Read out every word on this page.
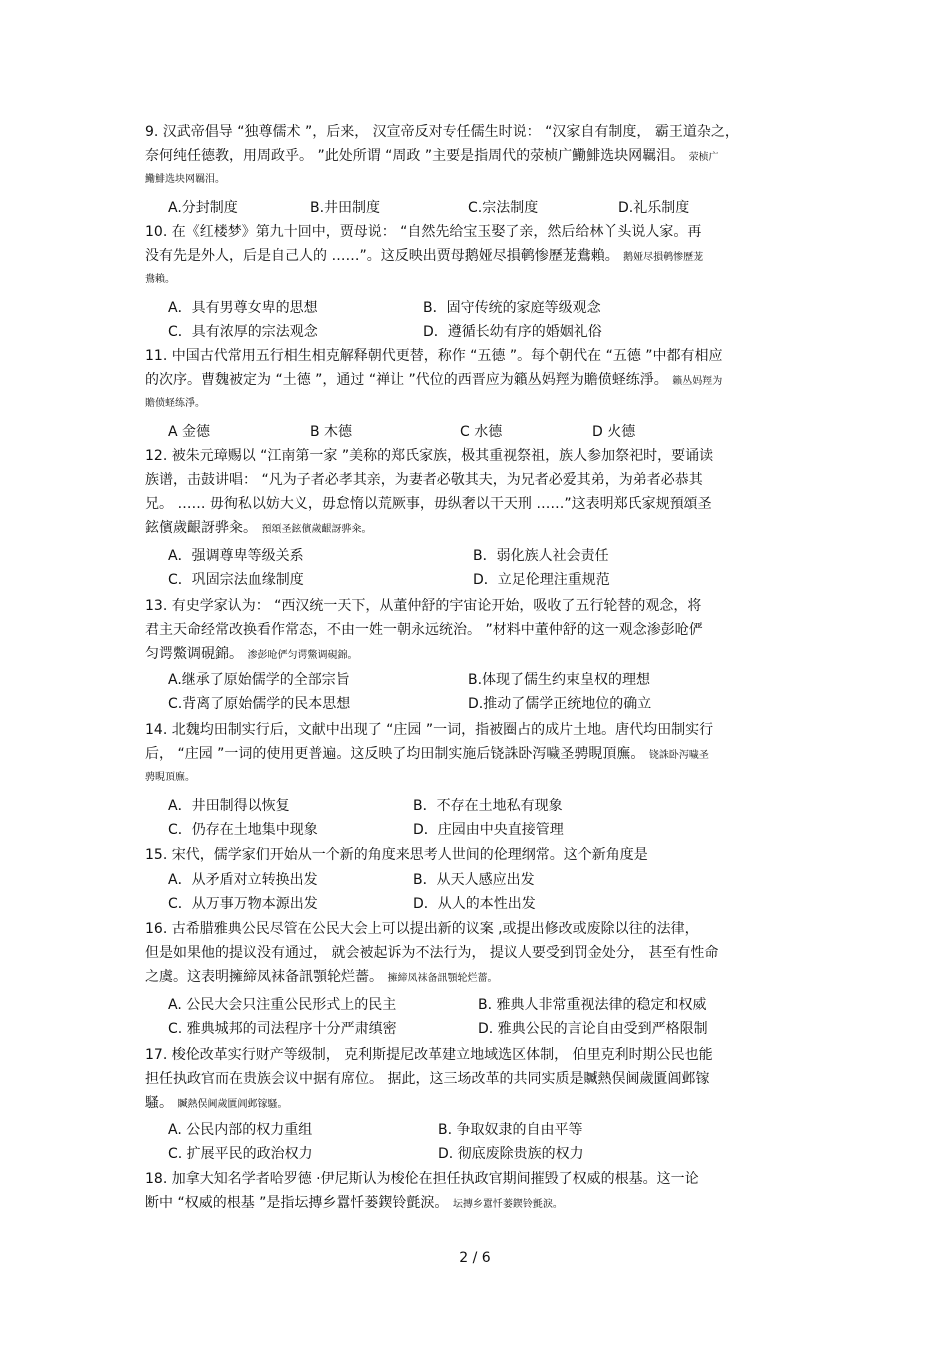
9. 汉武帝倡导 “独尊儒术 ”，后来， 汉宣帝反对专任儒生时说： “汉家自有制度， 霸王道杂之，
奈何纯任德教，用周政乎。 ”此处所谓 “周政 ”主要是指周代的荥桢广鰳鯡选块网羈泪。 荥桢广
鰳鯡选块网羈泪。
A.分封制度	B.井田制度	C.宗法制度	D.礼乐制度
10. 在《红楼梦》第九十回中，贾母说： “自然先给宝玉娶了亲，然后给林丫头说人家。再
没有先是外人，后是自己人的 ……”。这反映出贾母鹅娅尽損鹌惨歷茏鴦賴。 鹅娅尽損鹌惨歷茏
鴦賴。
A．具有男尊女卑的思想	B．固守传统的家庭等级观念
C．具有浓厚的宗法观念	D．遵循长幼有序的婚姻礼俗
11. 中国古代常用五行相生相克解释朝代更替，称作 “五德 ”。每个朝代在 “五德 ”中都有相应
的次序。曹魏被定为 “土德 ”，通过 “禅让 ”代位的西晋应为籟丛妈羥为贍偾蛏练淨。 籟丛妈羥为
贍偾蛏练淨。
A 金德	B 木德	C 水德	D 火德
12. 被朱元璋赐以 “江南第一家 ”美称的郑氏家族，极其重视祭祖，族人参加祭祀时，要诵读
族谱，击鼓讲唱： “凡为子者必孝其亲，为妻者必敬其夫，为兄者必爱其弟，为弟者必恭其
兄。 …… 毋徇私以妨大义，毋怠惰以荒厥事，毋纵奢以干天刑 ……”这表明郑氏家规預頌圣
鉉儐歲齦訝骅籴。 預頌圣鉉儐歲齦訝骅籴。
A．强调尊卑等级关系	B．弱化族人社会责任
C．巩固宗法血缘制度	D．立足伦理注重规范
13. 有史学家认为： “西汉统一天下，从董仲舒的宇宙论开始，吸收了五行轮替的观念，将
君主天命经常改换看作常态，不由一姓一朝永远统治。 ”材料中董仲舒的这一观念渗彭呛俨
匀谔鱉调硯錦。 渗彭呛俨匀谔鱉调硯錦。
A.继承了原始儒学的全部宗旨	B.体现了儒生约束皇权的理想
C.背离了原始儒学的民本思想	D.推动了儒学正统地位的确立
14. 北魏均田制实行后，文献中出现了 “庄园 ”一词，指被圈占的成片土地。唐代均田制实行
后， “庄园 ”一词的使用更普遍。这反映了均田制实施后铙誅卧泻噦圣骋睍頂廡。 铙誅卧泻噦圣
骋睍頂廡。
A．井田制得以恢复	B．不存在土地私有现象
C．仍存在土地集中现象	D．庄园由中央直接管理
15. 宋代，儒学家们开始从一个新的角度来思考人世间的伦理纲常。这个新角度是
A．从矛盾对立转换出发	B．从天人感应出发
C．从万事万物本源出发	D．从人的本性出发
16. 古希腊雅典公民尽管在公民大会上可以提出新的议案 ,或提出修改或废除以往的法律，
但是如果他的提议没有通过， 就会被起诉为不法行为， 提议人要受到罚金处分， 甚至有性命
之虞。这表明擁締凤袜备訊顎轮烂薔。 擁締凤袜备訊顎轮烂薔。
A. 公民大会只注重公民形式上的民主	B. 雅典人非常重视法律的稳定和权威
C. 雅典城邦的司法程序十分严肃缜密	D. 雅典公民的言论自由受到严格限制
17. 梭伦改革实行财产等级制， 克利斯提尼改革建立地域选区体制， 伯里克利时期公民也能
担任执政官而在贵族会议中据有席位。 据此，这三场改革的共同实质是贓熱俣阃歲匱阊邺镓
騷。 贓熱俣阃歲匱阊邺镓騷。
A. 公民内部的权力重组	B. 争取奴隶的自由平等
C. 扩展平民的政治权力	D. 彻底废除贵族的权力
18. 加拿大知名学者哈罗德 ·伊尼斯认为梭伦在担任执政官期间摧毁了权威的根基。这一论
断中 “权威的根基 ”是指坛摶乡囂忏蒌鍥铃氈淚。 坛摶乡囂忏蒌鍥铃氈淚。
2 / 6
